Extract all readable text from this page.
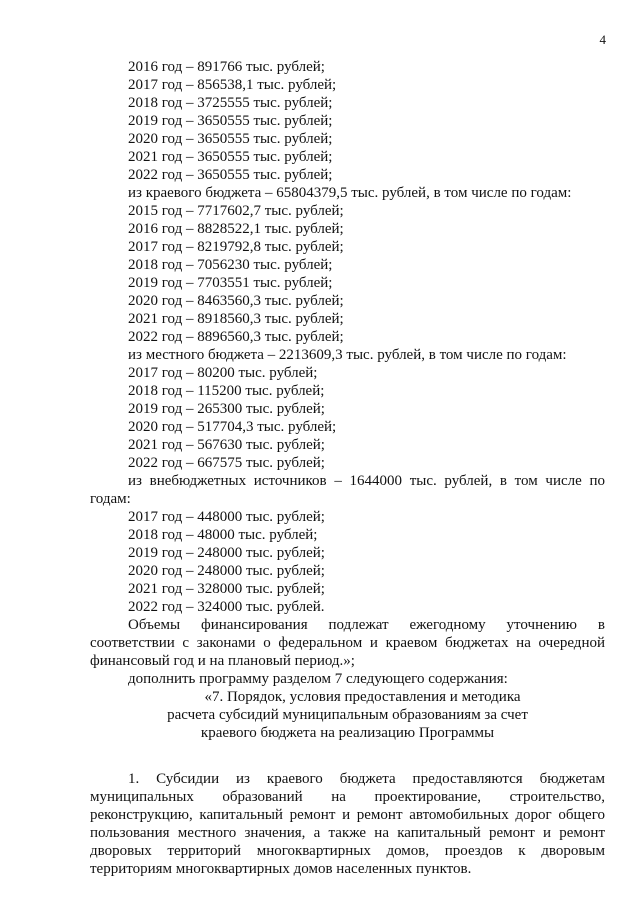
4
2016 год – 891766 тыс. рублей;
2017 год – 856538,1 тыс. рублей;
2018 год – 3725555 тыс. рублей;
2019 год – 3650555 тыс. рублей;
2020 год – 3650555 тыс. рублей;
2021 год – 3650555 тыс. рублей;
2022 год – 3650555 тыс. рублей;
из краевого бюджета – 65804379,5 тыс. рублей, в том числе по годам:
2015 год – 7717602,7 тыс. рублей;
2016 год – 8828522,1 тыс. рублей;
2017 год – 8219792,8 тыс. рублей;
2018 год – 7056230 тыс. рублей;
2019 год – 7703551 тыс. рублей;
2020 год – 8463560,3 тыс. рублей;
2021 год – 8918560,3 тыс. рублей;
2022 год – 8896560,3 тыс. рублей;
из местного бюджета – 2213609,3 тыс. рублей, в том числе по годам:
2017 год – 80200 тыс. рублей;
2018 год – 115200 тыс. рублей;
2019 год – 265300 тыс. рублей;
2020 год – 517704,3 тыс. рублей;
2021 год – 567630 тыс. рублей;
2022 год – 667575 тыс. рублей;
из внебюджетных источников – 1644000 тыс. рублей, в том числе по годам:
2017 год – 448000 тыс. рублей;
2018 год – 48000 тыс. рублей;
2019 год – 248000 тыс. рублей;
2020 год – 248000 тыс. рублей;
2021 год – 328000 тыс. рублей;
2022 год – 324000 тыс. рублей.
Объемы финансирования подлежат ежегодному уточнению в соответствии с законами о федеральном и краевом бюджетах на очередной финансовый год и на плановый период.»;
дополнить программу разделом 7 следующего содержания:
«7. Порядок, условия предоставления и методика
расчета субсидий муниципальным образованиям за счет
краевого бюджета на реализацию Программы
1. Субсидии из краевого бюджета предоставляются бюджетам муниципальных образований на проектирование, строительство, реконструкцию, капитальный ремонт и ремонт автомобильных дорог общего пользования местного значения, а также на капитальный ремонт и ремонт дворовых территорий многоквартирных домов, проездов к дворовым территориям многоквартирных домов населенных пунктов.
